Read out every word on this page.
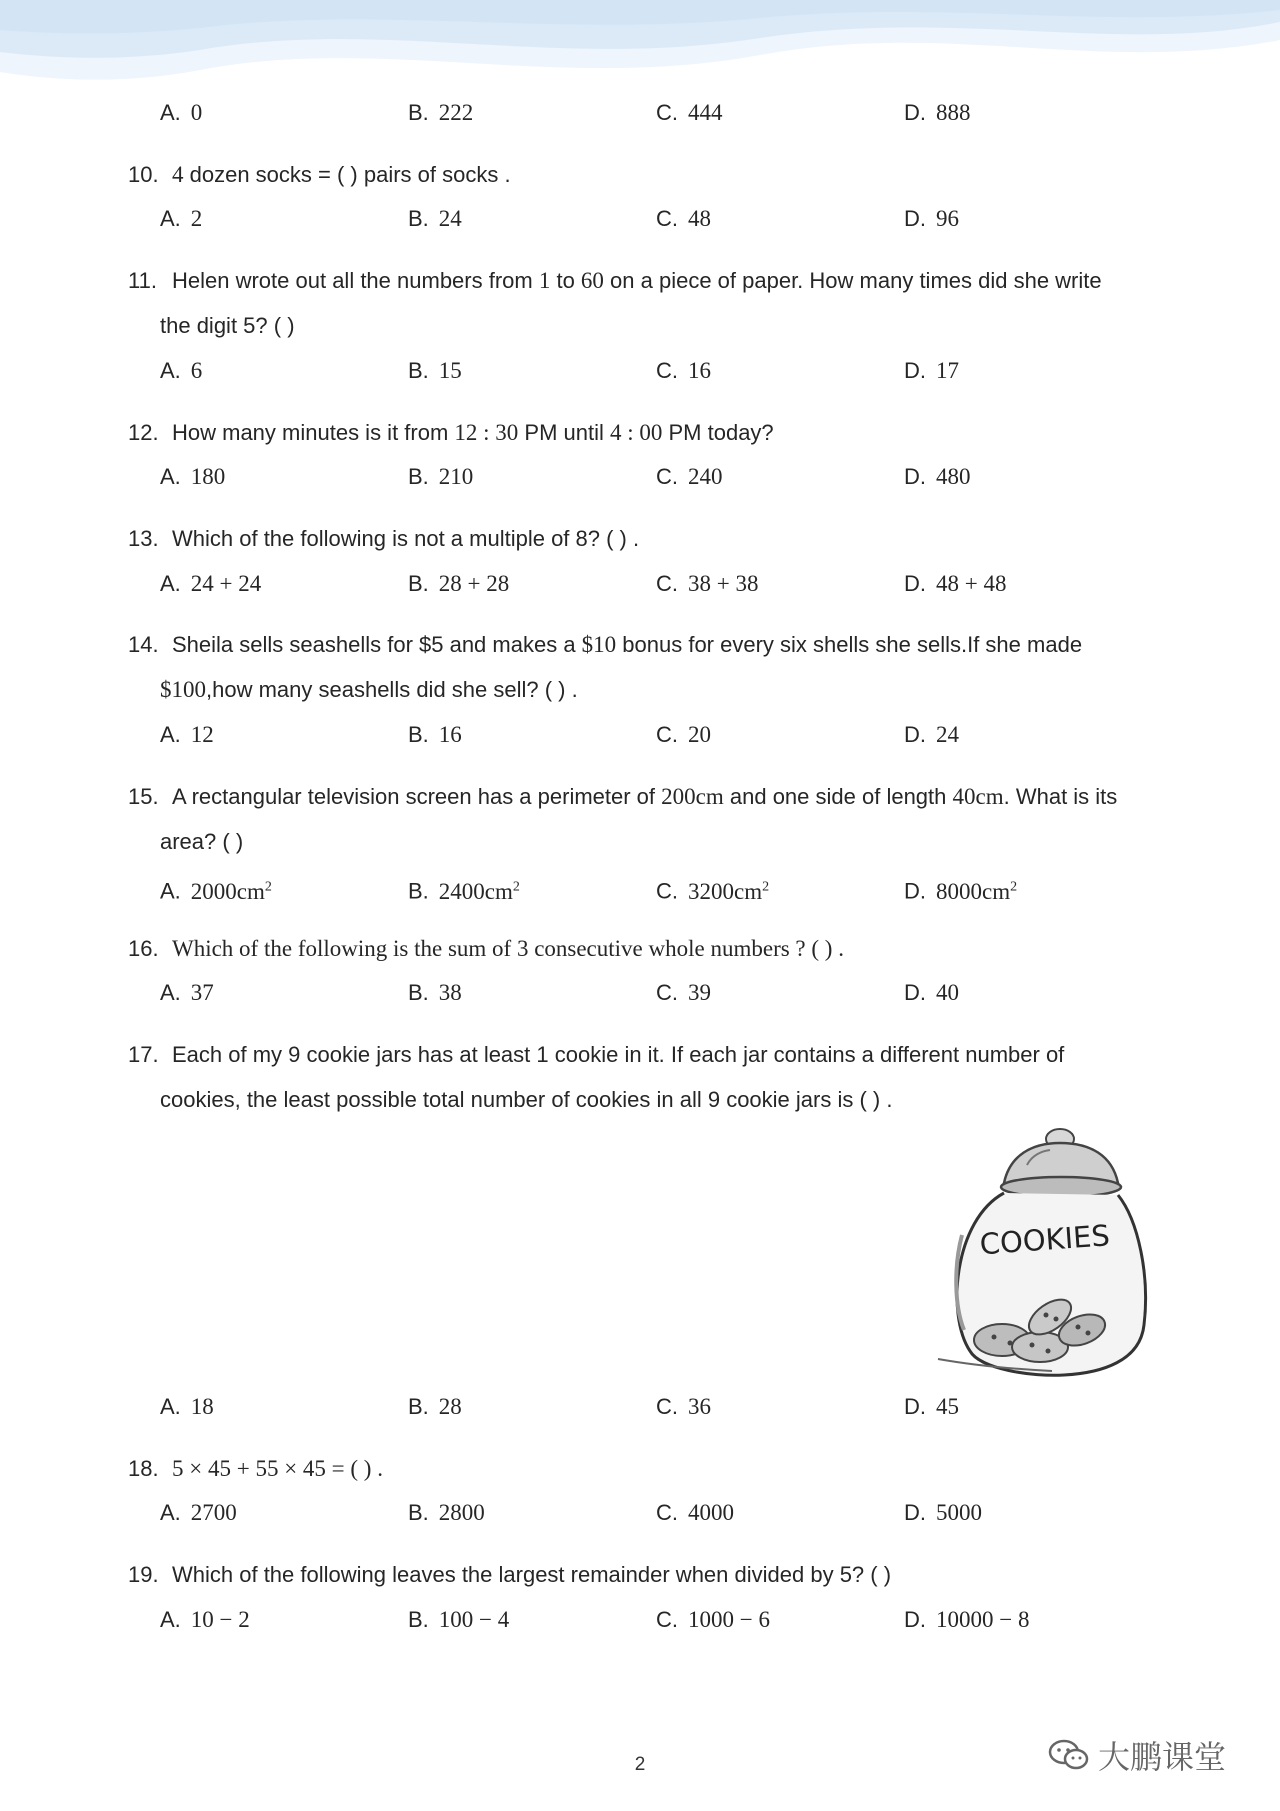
A. 0	B. 222	C. 444	D. 888
10. 4 dozen socks = ( ) pairs of socks .
A. 2	B. 24	C. 48	D. 96
11. Helen wrote out all the numbers from 1 to 60 on a piece of paper. How many times did she write
the digit 5? ( )
A. 6	B. 15	C. 16	D. 17
12. How many minutes is it from 12 : 30 PM until 4 : 00 PM today?
A. 180	B. 210	C. 240	D. 480
13. Which of the following is not a multiple of 8? ( ) .
A. 24 + 24	B. 28 + 28	C. 38 + 38	D. 48 + 48
14. Sheila sells seashells for $5 and makes a $10 bonus for every six shells she sells.If she made
$100,how many seashells did she sell? ( ) .
A. 12	B. 16	C. 20	D. 24
15. A rectangular television screen has a perimeter of 200cm and one side of length 40cm. What is its
area? ( )
A. $2000cm^2$	B. $2400cm^2$	C. $3200cm^2$	D. $8000cm^2$
16. Which of the following is the sum of 3 consecutive whole numbers ? ( ) .
A. 37	B. 38	C. 39	D. 40
17. Each of my 9 cookie jars has at least 1 cookie in it. If each jar contains a different number of
cookies, the least possible total number of cookies in all 9 cookie jars is ( ) .
COOKIES
A. 18	B. 28	C. 36	D. 45
18. 5 × 45 + 55 × 45 = ( ) .
A. 2700	B. 2800	C. 4000	D. 5000
19. Which of the following leaves the largest remainder when divided by 5? ( )
A. 10 − 2	B. 100 − 4	C. 1000 − 6	D. 10000 − 8
2	大鹏课堂
